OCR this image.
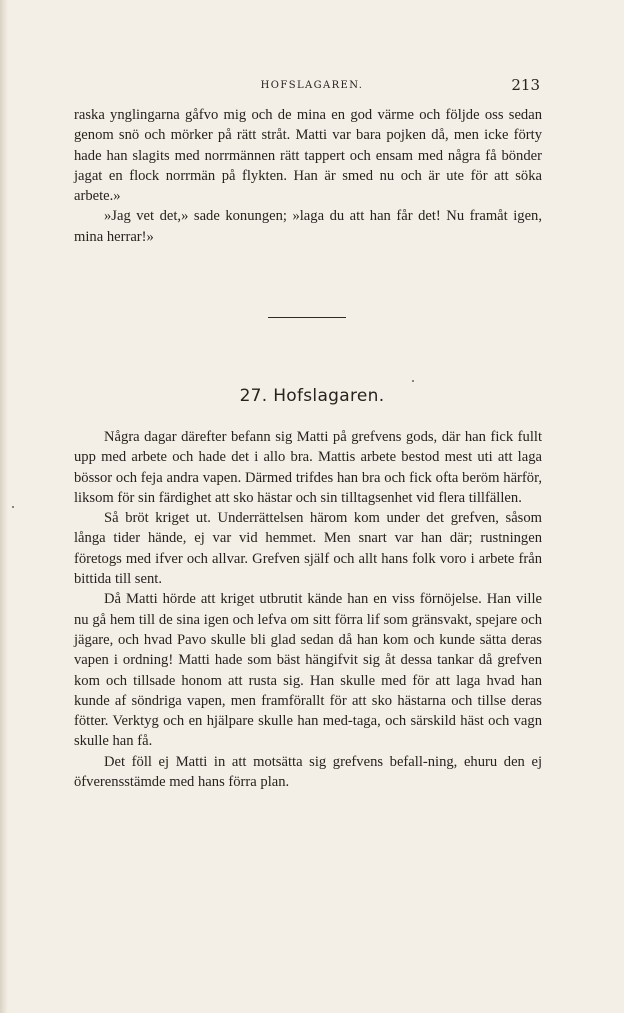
HOFSLAGAREN.	213

raska ynglingarna gåfvo mig och de mina en god värme och följde oss sedan genom snö och mörker på rätt stråt. Matti var bara pojken då, men icke förty hade han slagits med norrmännen rätt tappert och ensam med några få bönder jagat en flock norrmän på flykten. Han är smed nu och är ute för att söka arbete.»

»Jag vet det,» sade konungen; »laga du att han får det! Nu framåt igen, mina herrar!»

27. Hofslagaren.

Några dagar därefter befann sig Matti på grefvens gods, där han fick fullt upp med arbete och hade det i allo bra. Mattis arbete bestod mest uti att laga bössor och feja andra vapen. Därmed trifdes han bra och fick ofta beröm härför, liksom för sin färdighet att sko hästar och sin tilltagsenhet vid flera tillfällen.

Så bröt kriget ut. Underrättelsen härom kom under det grefven, såsom långa tider hände, ej var vid hemmet. Men snart var han där; rustningen företogs med ifver och allvar. Grefven själf och allt hans folk voro i arbete från bittida till sent.

Då Matti hörde att kriget utbrutit kände han en viss förnöjelse. Han ville nu gå hem till de sina igen och lefva om sitt förra lif som gränsvakt, spejare och jägare, och hvad Pavo skulle bli glad sedan då han kom och kunde sätta deras vapen i ordning! Matti hade som bäst hängifvit sig åt dessa tankar då grefven kom och tillsade honom att rusta sig. Han skulle med för att laga hvad han kunde af söndriga vapen, men framförallt för att sko hästarna och tillse deras fötter. Verktyg och en hjälpare skulle han med-taga, och särskild häst och vagn skulle han få.

Det föll ej Matti in att motsätta sig grefvens befall-ning, ehuru den ej öfverensstämde med hans förra plan.
